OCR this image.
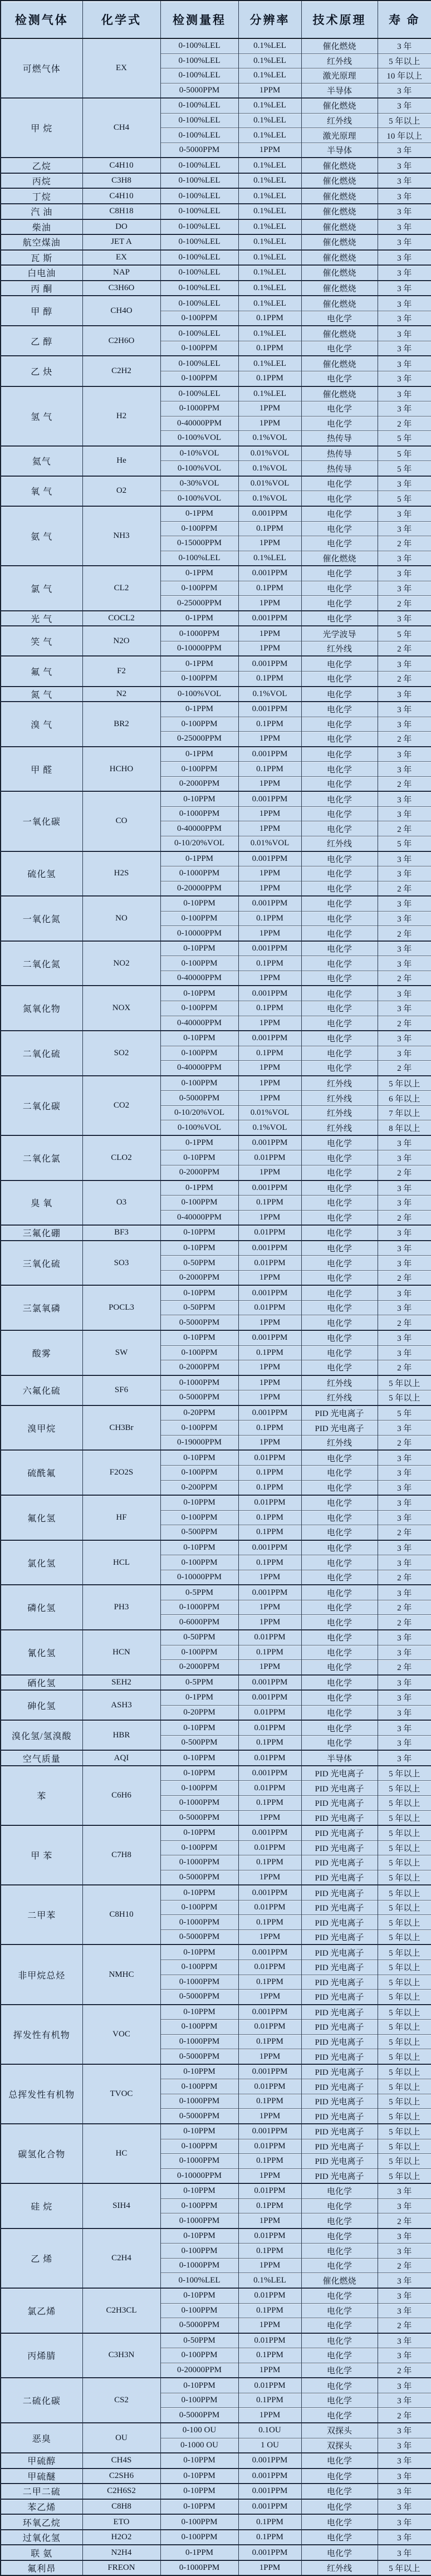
检测气体	化学式	检测量程	分辨率	技术原理	寿 命
可燃气体	EX	0-100%LEL	0.1%LEL	催化燃烧	3 年
		0-100%LEL	0.1%LEL	红外线	5 年以上
		0-100%LEL	0.1%LEL	激光原理	10 年以上
		0-5000PPM	1PPM	半导体	3 年
甲 烷	CH4	0-100%LEL	0.1%LEL	催化燃烧	3 年
		0-100%LEL	0.1%LEL	红外线	5 年以上
		0-100%LEL	0.1%LEL	激光原理	10 年以上
		0-5000PPM	1PPM	半导体	3 年
乙烷	C4H10	0-100%LEL	0.1%LEL	催化燃烧	3 年
丙烷	C3H8	0-100%LEL	0.1%LEL	催化燃烧	3 年
丁烷	C4H10	0-100%LEL	0.1%LEL	催化燃烧	3 年
汽 油	C8H18	0-100%LEL	0.1%LEL	催化燃烧	3 年
柴油	DO	0-100%LEL	0.1%LEL	催化燃烧	3 年
航空煤油	JET A	0-100%LEL	0.1%LEL	催化燃烧	3 年
瓦 斯	EX	0-100%LEL	0.1%LEL	催化燃烧	3 年
白电油	NAP	0-100%LEL	0.1%LEL	催化燃烧	3 年
丙 酮	C3H6O	0-100%LEL	0.1%LEL	催化燃烧	3 年
甲 醇	CH4O	0-100%LEL	0.1%LEL	催化燃烧	3 年
		0-100PPM	0.1PPM	电化学	3 年
乙 醇	C2H6O	0-100%LEL	0.1%LEL	催化燃烧	3 年
		0-100PPM	0.1PPM	电化学	3 年
乙 炔	C2H2	0-100%LEL	0.1%LEL	催化燃烧	3 年
		0-100PPM	0.1PPM	电化学	3 年
氢 气	H2	0-100%LEL	0.1%LEL	催化燃烧	3 年
		0-1000PPM	1PPM	电化学	3 年
		0-40000PPM	1PPM	电化学	2 年
		0-100%VOL	0.1%VOL	热传导	5 年
氦气	He	0-10%VOL	0.01%VOL	热传导	5 年
		0-100%VOL	0.1%VOL	热传导	5 年
氧 气	O2	0-30%VOL	0.01%VOL	电化学	3 年
		0-100%VOL	0.1%VOL	电化学	5 年
氨 气	NH3	0-1PPM	0.001PPM	电化学	3 年
		0-100PPM	0.1PPM	电化学	3 年
		0-15000PPM	1PPM	电化学	2 年
		0-100%LEL	0.1%LEL	催化燃烧	3 年
氯 气	CL2	0-1PPM	0.001PPM	电化学	3 年
		0-100PPM	0.1PPM	电化学	3 年
		0-25000PPM	1PPM	电化学	2 年
光 气	COCL2	0-1PPM	0.001PPM	电化学	3 年
笑 气	N2O	0-1000PPM	1PPM	光学波导	5 年
		0-10000PPM	1PPM	红外线	2 年
氟 气	F2	0-1PPM	0.001PPM	电化学	3 年
		0-100PPM	0.1PPM	电化学	2 年
氮 气	N2	0-100%VOL	0.1%VOL	电化学	3 年
溴 气	BR2	0-1PPM	0.001PPM	电化学	3 年
		0-100PPM	0.1PPM	电化学	3 年
		0-25000PPM	1PPM	电化学	2 年
甲 醛	HCHO	0-1PPM	0.001PPM	电化学	3 年
		0-100PPM	0.1PPM	电化学	3 年
		0-2000PPM	1PPM	电化学	2 年
一氧化碳	CO	0-10PPM	0.001PPM	电化学	3 年
		0-1000PPM	1PPM	电化学	3 年
		0-40000PPM	1PPM	电化学	2 年
		0-10/20%VOL	0.01%VOL	红外线	5 年
硫化氢	H2S	0-1PPM	0.001PPM	电化学	3 年
		0-1000PPM	1PPM	电化学	3 年
		0-20000PPM	1PPM	电化学	2 年
一氧化氮	NO	0-10PPM	0.001PPM	电化学	3 年
		0-100PPM	0.1PPM	电化学	3 年
		0-10000PPM	1PPM	电化学	2 年
二氧化氮	NO2	0-10PPM	0.001PPM	电化学	3 年
		0-100PPM	0.1PPM	电化学	3 年
		0-40000PPM	1PPM	电化学	2 年
氮氧化物	NOX	0-10PPM	0.001PPM	电化学	3 年
		0-100PPM	0.1PPM	电化学	3 年
		0-40000PPM	1PPM	电化学	2 年
二氧化硫	SO2	0-10PPM	0.001PPM	电化学	3 年
		0-100PPM	0.1PPM	电化学	3 年
		0-40000PPM	1PPM	电化学	2 年
二氧化碳	CO2	0-100PPM	1PPM	红外线	5 年以上
		0-5000PPM	1PPM	红外线	6 年以上
		0-10/20%VOL	0.01%VOL	红外线	7 年以上
		0-100%VOL	0.1%VOL	红外线	8 年以上
二氧化氯	CLO2	0-1PPM	0.001PPM	电化学	3 年
		0-10PPM	0.01PPM	电化学	3 年
		0-2000PPM	1PPM	电化学	2 年
臭 氧	O3	0-1PPM	0.001PPM	电化学	3 年
		0-100PPM	0.1PPM	电化学	3 年
		0-40000PPM	1PPM	电化学	2 年
三氟化硼	BF3	0-10PPM	0.01PPM	电化学	3 年
三氧化硫	SO3	0-10PPM	0.001PPM	电化学	3 年
		0-50PPM	0.01PPM	电化学	3 年
		0-2000PPM	1PPM	电化学	2 年
三氯氧磷	POCL3	0-10PPM	0.001PPM	电化学	3 年
		0-50PPM	0.01PPM	电化学	3 年
		0-5000PPM	1PPM	电化学	2 年
酸雾	SW	0-10PPM	0.001PPM	电化学	3 年
		0-100PPM	0.1PPM	电化学	3 年
		0-2000PPM	1PPM	电化学	2 年
六氟化硫	SF6	0-1000PPM	1PPM	红外线	5 年以上
		0-5000PPM	1PPM	红外线	5 年以上
溴甲烷	CH3Br	0-20PPM	0.001PPM	PID 光电离子	5 年
		0-100PPM	0.1PPM	PID 光电离子	3 年
		0-19000PPM	1PPM	红外线	2 年
硫酰氟	F2O2S	0-10PPM	0.01PPM	电化学	3 年
		0-100PPM	0.1PPM	电化学	3 年
		0-200PPM	0.1PPM	电化学	3 年
氟化氢	HF	0-10PPM	0.01PPM	电化学	3 年
		0-100PPM	0.1PPM	电化学	3 年
		0-500PPM	0.1PPM	电化学	2 年
氯化氢	HCL	0-10PPM	0.001PPM	电化学	3 年
		0-100PPM	0.1PPM	电化学	3 年
		0-10000PPM	1PPM	电化学	2 年
磷化氢	PH3	0-5PPM	0.001PPM	电化学	3 年
		0-1000PPM	1PPM	电化学	2 年
		0-6000PPM	1PPM	电化学	2 年
氰化氢	HCN	0-50PPM	0.01PPM	电化学	3 年
		0-100PPM	0.1PPM	电化学	3 年
		0-2000PPM	1PPM	电化学	2 年
硒化氢	SEH2	0-5PPM	0.001PPM	电化学	3 年
砷化氢	ASH3	0-1PPM	0.001PPM	电化学	3 年
		0-20PPM	0.01PPM	电化学	3 年
溴化氢/氢溴酸	HBR	0-10PPM	0.01PPM	电化学	3 年
		0-500PPM	0.1PPM	电化学	3 年
空气质量	AQI	0-10PPM	0.01PPM	半导体	3 年
苯	C6H6	0-10PPM	0.001PPM	PID 光电离子	5 年以上
		0-100PPM	0.01PPM	PID 光电离子	5 年以上
		0-1000PPM	0.1PPM	PID 光电离子	5 年以上
		0-5000PPM	1PPM	PID 光电离子	5 年以上
甲 苯	C7H8	0-10PPM	0.001PPM	PID 光电离子	5 年以上
		0-100PPM	0.01PPM	PID 光电离子	5 年以上
		0-1000PPM	0.1PPM	PID 光电离子	5 年以上
		0-5000PPM	1PPM	PID 光电离子	5 年以上
二甲苯	C8H10	0-10PPM	0.001PPM	PID 光电离子	5 年以上
		0-100PPM	0.01PPM	PID 光电离子	5 年以上
		0-1000PPM	0.1PPM	PID 光电离子	5 年以上
		0-5000PPM	1PPM	PID 光电离子	5 年以上
非甲烷总烃	NMHC	0-10PPM	0.001PPM	PID 光电离子	5 年以上
		0-100PPM	0.01PPM	PID 光电离子	5 年以上
		0-1000PPM	0.1PPM	PID 光电离子	5 年以上
		0-5000PPM	1PPM	PID 光电离子	5 年以上
挥发性有机物	VOC	0-10PPM	0.001PPM	PID 光电离子	5 年以上
		0-100PPM	0.01PPM	PID 光电离子	5 年以上
		0-1000PPM	0.1PPM	PID 光电离子	5 年以上
		0-5000PPM	1PPM	PID 光电离子	5 年以上
总挥发性有机物	TVOC	0-10PPM	0.001PPM	PID 光电离子	5 年以上
		0-100PPM	0.01PPM	PID 光电离子	5 年以上
		0-1000PPM	0.1PPM	PID 光电离子	5 年以上
		0-5000PPM	1PPM	PID 光电离子	5 年以上
碳氢化合物	HC	0-10PPM	0.001PPM	PID 光电离子	5 年以上
		0-100PPM	0.01PPM	PID 光电离子	5 年以上
		0-1000PPM	0.1PPM	PID 光电离子	5 年以上
		0-10000PPM	1PPM	PID 光电离子	5 年以上
硅 烷	SIH4	0-10PPM	0.01PPM	电化学	3 年
		0-100PPM	0.1PPM	电化学	3 年
		0-1000PPM	1PPM	电化学	2 年
乙 烯	C2H4	0-10PPM	0.01PPM	电化学	3 年
		0-100PPM	0.1PPM	电化学	3 年
		0-1000PPM	1PPM	电化学	2 年
		0-100%LEL	0.1%LEL	催化燃烧	3 年
氯乙烯	C2H3CL	0-10PPM	0.01PPM	电化学	3 年
		0-100PPM	0.1PPM	电化学	3 年
		0-5000PPM	1PPM	电化学	2 年
丙烯腈	C3H3N	0-50PPM	0.01PPM	电化学	3 年
		0-100PPM	0.1PPM	电化学	3 年
		0-20000PPM	1PPM	电化学	2 年
二硫化碳	CS2	0-10PPM	0.01PPM	电化学	3 年
		0-100PPM	0.1PPM	电化学	3 年
		0-5000PPM	1PPM	电化学	2 年
恶臭	OU	0-100 OU	0.1OU	双探头	3 年
		0-1000 OU	1 OU	双探头	3 年
甲硫醇	CH4S	0-10PPM	0.001PPM	电化学	3 年
甲硫醚	C2SH6	0-10PPM	0.001PPM	电化学	3 年
二甲二硫	C2H6S2	0-10PPM	0.001PPM	电化学	3 年
苯乙烯	C8H8	0-10PPM	0.001PPM	电化学	3 年
环氧乙烷	ETO	0-100PPM	0.1PPM	电化学	3 年
过氧化氢	H2O2	0-100PPM	0.1PPM	电化学	3 年
联 氨	N2H4	0-1PPM	0.001PPM	电化学	3 年
氟利昂	FREON	0-1000PPM	1PPM	红外线	5 年以上
